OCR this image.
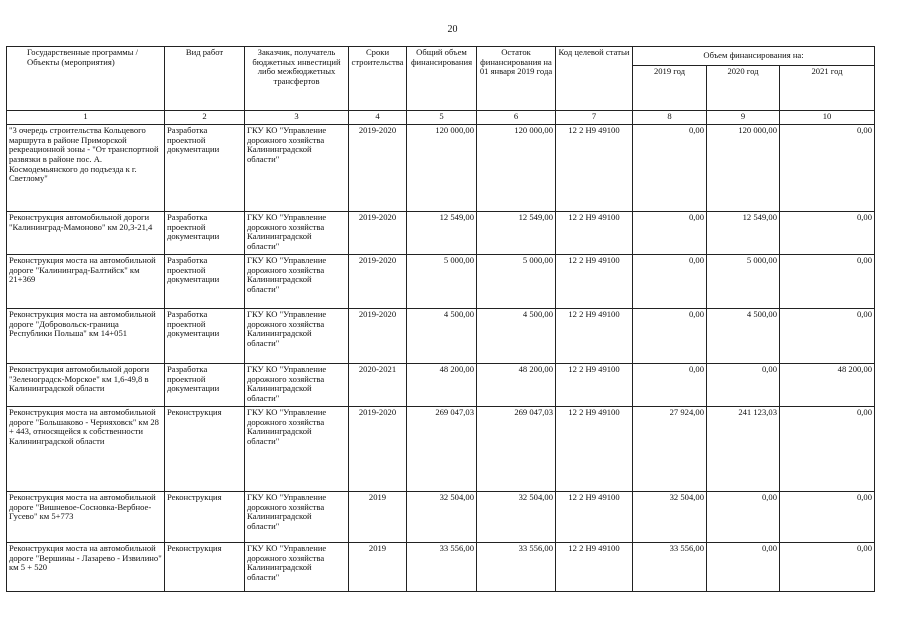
20
Государственные программы /Объекты (мероприятия)	Вид работ	Заказчик, получатель бюджетных инвестиций либо межбюджетных трансфертов	Сроки строительства	Общий объем финансирования	Остаток финансирования на 01 января 2019 года	Код целевой статьи	Объем финансирования на:		
							2019 год	2020 год	2021 год
1	2	3	4	5	6	7	8	9	10
"3 очередь строительства Кольцевого маршрута в районе Приморской рекреационной зоны - "От транспортной развязки в районе пос. А. Космодемьянского до подъезда к г. Светлому"	Разработка проектной документации	ГКУ КО "Управление дорожного хозяйства Калининградской области"	2019-2020	120 000,00	120 000,00	12 2 Н9 49100	0,00	120 000,00	0,00
Реконструкция автомобильной дороги "Калининград-Мамоново" км 20,3-21,4	Разработка проектной документации	ГКУ КО "Управление дорожного хозяйства Калининградской области"	2019-2020	12 549,00	12 549,00	12 2 Н9 49100	0,00	12 549,00	0,00
Реконструкция моста на автомобильной дороге "Калининград-Балтийск" км 21+369	Разработка проектной документации	ГКУ КО "Управление дорожного хозяйства Калининградской области"	2019-2020	5 000,00	5 000,00	12 2 Н9 49100	0,00	5 000,00	0,00
Реконструкция моста на автомобильной дороге "Добровольск-граница Республики Польша" км 14+051	Разработка проектной документации	ГКУ КО "Управление дорожного хозяйства Калининградской области"	2019-2020	4 500,00	4 500,00	12 2 Н9 49100	0,00	4 500,00	0,00
Реконструкция автомобильной дороги "Зеленоградск-Морское" км 1,6-49,8 в Калининградской области	Разработка проектной документации	ГКУ КО "Управление дорожного хозяйства Калининградской области"	2020-2021	48 200,00	48 200,00	12 2 Н9 49100	0,00	0,00	48 200,00
Реконструкция моста на автомобильной дороге "Большаково - Черняховск" км 28 + 443, относящейся к собственности Калининградской области	Реконструкция	ГКУ КО "Управление дорожного хозяйства Калининградской области"	2019-2020	269 047,03	269 047,03	12 2 Н9 49100	27 924,00	241 123,03	0,00
Реконструкция моста на автомобильной дороге "Вишневое-Сосновка-Вербное-Гусево" км 5+773	Реконструкция	ГКУ КО "Управление дорожного хозяйства Калининградской области"	2019	32 504,00	32 504,00	12 2 Н9 49100	32 504,00	0,00	0,00
Реконструкция моста на автомобильной дороге "Вершины - Лазарево - Извилино" км 5 + 520	Реконструкция	ГКУ КО "Управление дорожного хозяйства Калининградской области"	2019	33 556,00	33 556,00	12 2 Н9 49100	33 556,00	0,00	0,00
